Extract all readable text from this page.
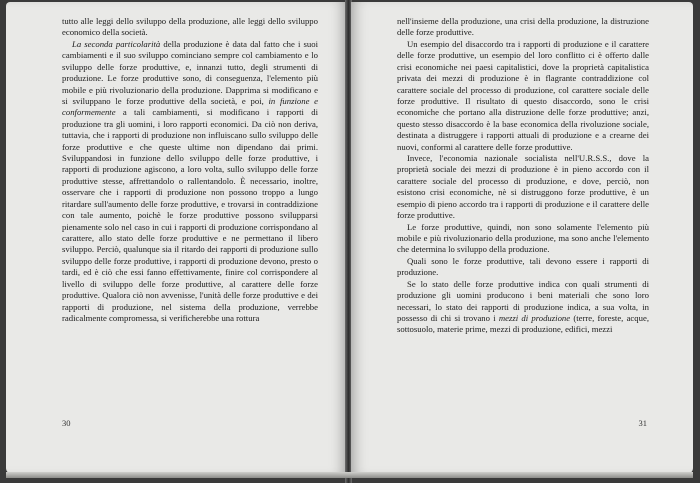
tutto alle leggi dello sviluppo della produzione, alle leggi dello sviluppo economico della società.

La seconda particolarità della produzione è data dal fatto che i suoi cambiamenti e il suo sviluppo cominciano sempre col cambiamento e lo sviluppo delle forze produttive, e, innanzi tutto, degli strumenti di produzione. Le forze produttive sono, di conseguenza, l'elemento più mobile e più rivoluzionario della produzione. Dapprima si modificano e si sviluppano le forze produttive della società, e poi, in funzione e conformemente a tali cambiamenti, si modificano i rapporti di produzione tra gli uomini, i loro rapporti economici. Da ciò non deriva, tuttavia, che i rapporti di produzione non influiscano sullo sviluppo delle forze produttive e che queste ultime non dipendano dai primi. Sviluppandosi in funzione dello sviluppo delle forze produttive, i rapporti di produzione agiscono, a loro volta, sullo sviluppo delle forze produttive stesse, affrettandolo o rallentandolo. È necessario, inoltre, osservare che i rapporti di produzione non possono troppo a lungo ritardare sull'aumento delle forze produttive, e trovarsi in contraddizione con tale aumento, poichè le forze produttive possono svilupparsi pienamente solo nel caso in cui i rapporti di produzione corrispondano al carattere, allo stato delle forze produttive e ne permettano il libero sviluppo. Perciò, qualunque sia il ritardo dei rapporti di produzione sullo sviluppo delle forze produttive, i rapporti di produzione devono, presto o tardi, ed è ciò che essi fanno effettivamente, finire col corrispondere al livello di sviluppo delle forze produttive, al carattere delle forze produttive. Qualora ciò non avvenisse, l'unità delle forze produttive e dei rapporti di produzione, nel sistema della produzione, verrebbe radicalmente compromessa, si verificherebbe una rottura

30

nell'insieme della produzione, una crisi della produzione, la distruzione delle forze produttive.

Un esempio del disaccordo tra i rapporti di produzione e il carattere delle forze produttive, un esempio del loro conflitto ci è offerto dalle crisi economiche nei paesi capitalistici, dove la proprietà capitalistica privata dei mezzi di produzione è in flagrante contraddizione col carattere sociale del processo di produzione, col carattere sociale delle forze produttive. Il risultato di questo disaccordo, sono le crisi economiche che portano alla distruzione delle forze produttive; anzi, questo stesso disaccordo è la base economica della rivoluzione sociale, destinata a distruggere i rapporti attuali di produzione e a crearne dei nuovi, conformi al carattere delle forze produttive.

Invece, l'economia nazionale socialista nell'U.R.S.S., dove la proprietà sociale dei mezzi di produzione è in pieno accordo con il carattere sociale del processo di produzione, e dove, perciò, non esistono crisi economiche, nè si distruggono forze produttive, è un esempio di pieno accordo tra i rapporti di produzione e il carattere delle forze produttive.

Le forze produttive, quindi, non sono solamente l'elemento più mobile e più rivoluzionario della produzione, ma sono anche l'elemento che determina lo sviluppo della produzione.

Quali sono le forze produttive, tali devono essere i rapporti di produzione.

Se lo stato delle forze produttive indica con quali strumenti di produzione gli uomini producono i beni materiali che sono loro necessari, lo stato dei rapporti di produzione indica, a sua volta, in possesso di chi si trovano i mezzi di produzione (terre, foreste, acque, sottosuolo, materie prime, mezzi di produzione, edifici, mezzi

31
